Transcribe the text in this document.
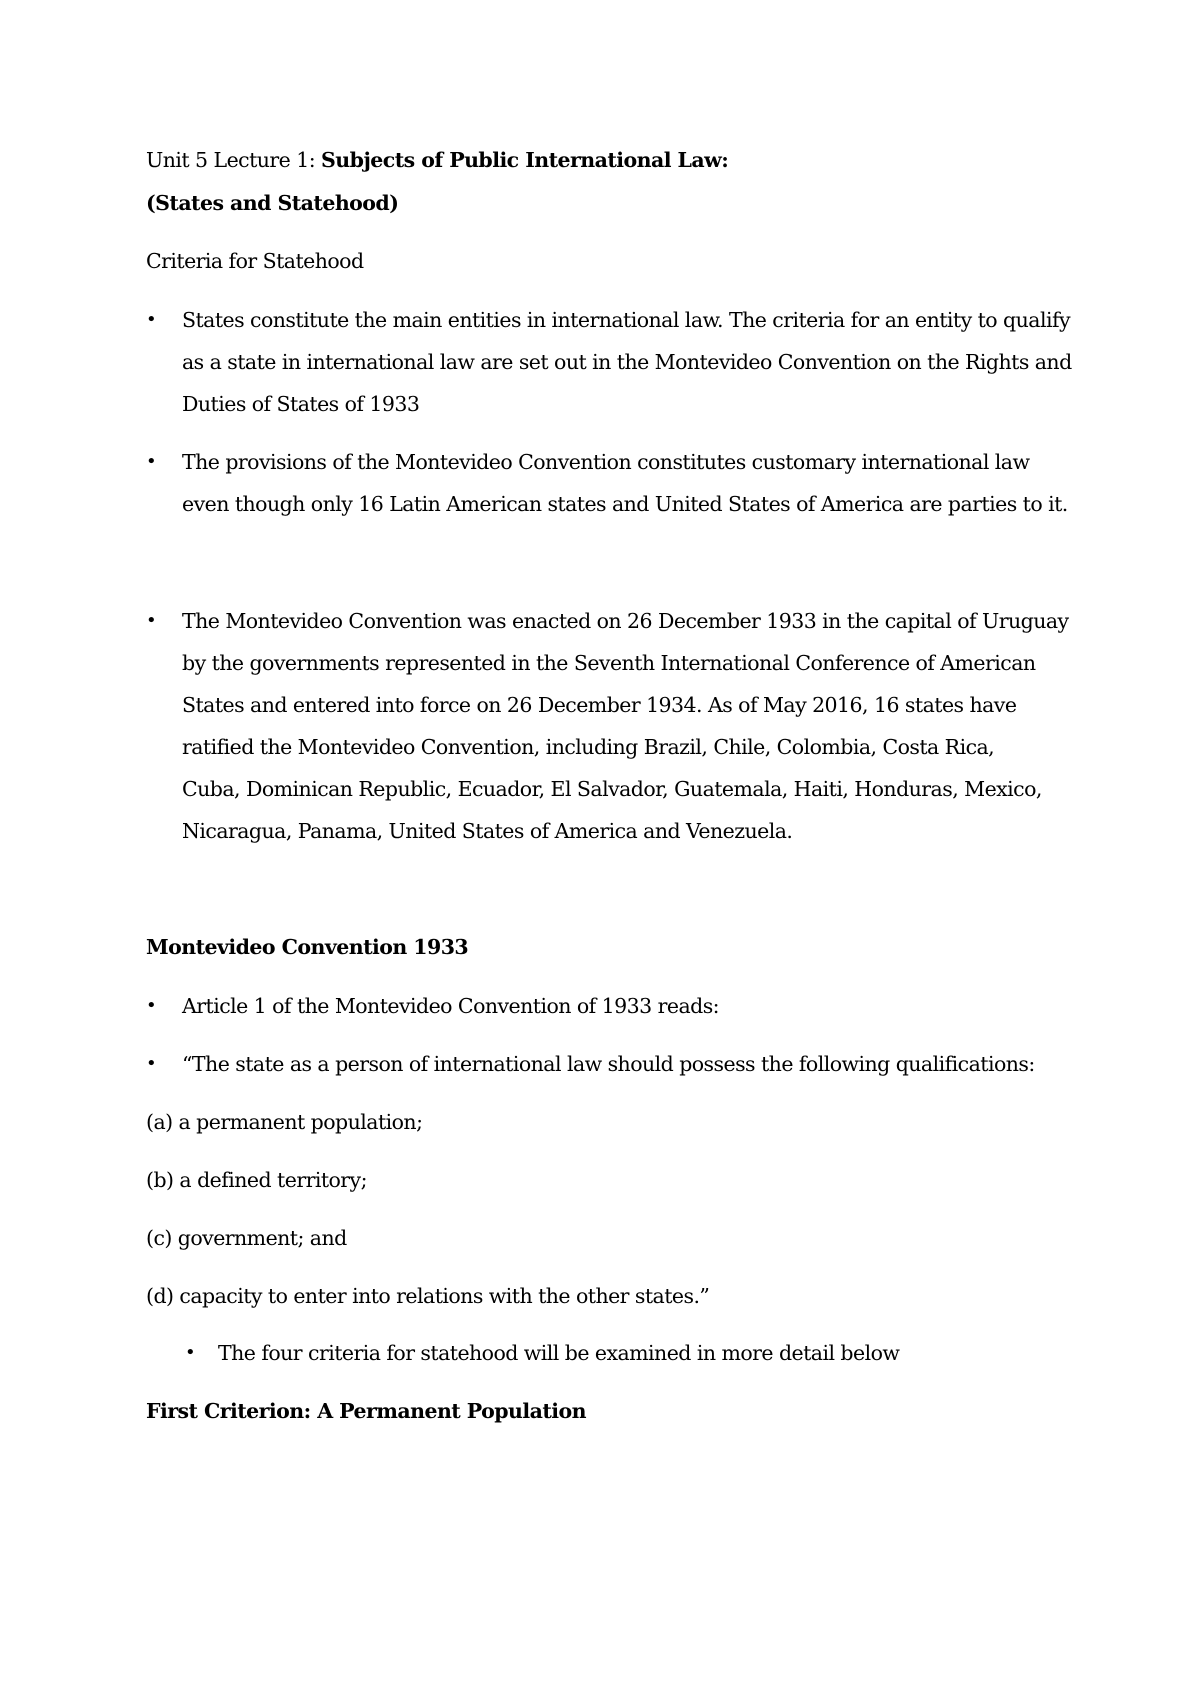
Unit 5 Lecture 1: Subjects of Public International Law:
(States and Statehood)
Criteria for Statehood
• States constitute the main entities in international law. The criteria for an entity to qualify
as a state in international law are set out in the Montevideo Convention on the Rights and
Duties of States of 1933
• The provisions of the Montevideo Convention constitutes customary international law
even though only 16 Latin American states and United States of America are parties to it.
• The Montevideo Convention was enacted on 26 December 1933 in the capital of Uruguay
by the governments represented in the Seventh International Conference of American
States and entered into force on 26 December 1934. As of May 2016, 16 states have
ratified the Montevideo Convention, including Brazil, Chile, Colombia, Costa Rica,
Cuba, Dominican Republic, Ecuador, El Salvador, Guatemala, Haiti, Honduras, Mexico,
Nicaragua, Panama, United States of America and Venezuela.
Montevideo Convention 1933
• Article 1 of the Montevideo Convention of 1933 reads:
• “The state as a person of international law should possess the following qualifications:
(a) a permanent population;
(b) a defined territory;
(c) government; and
(d) capacity to enter into relations with the other states.”
• The four criteria for statehood will be examined in more detail below
First Criterion: A Permanent Population
